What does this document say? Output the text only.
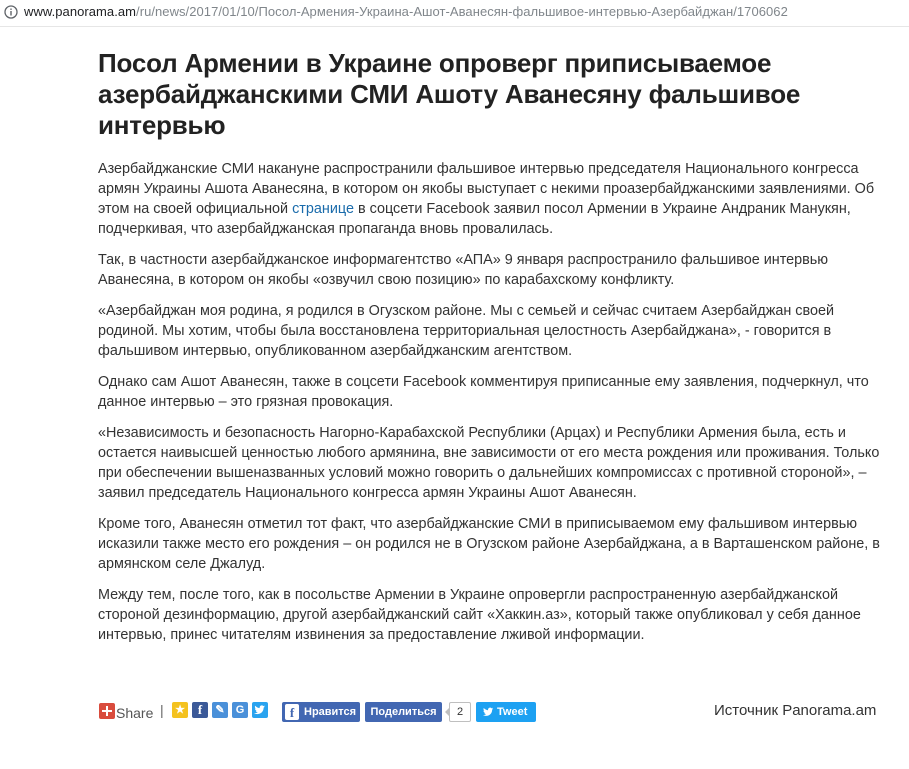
www.panorama.am/ru/news/2017/01/10/Посол-Армения-Украина-Ашот-Аванесян-фальшивое-интервью-Азербайджан/1706062
Посол Армении в Украине опроверг приписываемое азербайджанскими СМИ Ашоту Аванесяну фальшивое интервью

Азербайджанские СМИ накануне распространили фальшивое интервью председателя Национального конгресса армян Украины Ашота Аванесяна, в котором он якобы выступает с некими проазербайджанскими заявлениями. Об этом на своей официальной странице в соцсети Facebook заявил посол Армении в Украине Андраник Манукян, подчеркивая, что азербайджанская пропаганда вновь провалилась.

Так, в частности азербайджанское информагентство «АПА» 9 января распространило фальшивое интервью Аванесяна, в котором он якобы «озвучил свою позицию» по карабахскому конфликту.

«Азербайджан моя родина, я родился в Огузском районе. Мы с семьей и сейчас считаем Азербайджан своей родиной. Мы хотим, чтобы была восстановлена территориальная целостность Азербайджана», - говорится в фальшивом интервью, опубликованном азербайджанским агентством.

Однако сам Ашот Аванесян, также в соцсети Facebook комментируя приписанные ему заявления, подчеркнул, что данное интервью – это грязная провокация.

«Независимость и безопасность Нагорно-Карабахской Республики (Арцах) и Республики Армения была, есть и остается наивысшей ценностью любого армянина, вне зависимости от его места рождения или проживания. Только при обеспечении вышеназванных условий можно говорить о дальнейших компромиссах с противной стороной», – заявил председатель Национального конгресса армян Украины Ашот Аванесян.

Кроме того, Аванесян отметил тот факт, что азербайджанские СМИ в приписываемом ему фальшивом интервью исказили также место его рождения – он родился не в Огузском районе Азербайджана, а в Варташенском районе, в армянском селе Джалуд.

Между тем, после того, как в посольстве Армении в Украине опровергли распространенную азербайджанской стороной дезинформацию, другой азербайджанский сайт «Хаккин.аз», который также опубликовал у себя данное интервью, принес читателям извинения за предоставление лживой информации.

Share | ★ f	✎	G	f Нравится	Поделиться	2	Tweet	Источник Panorama.am
